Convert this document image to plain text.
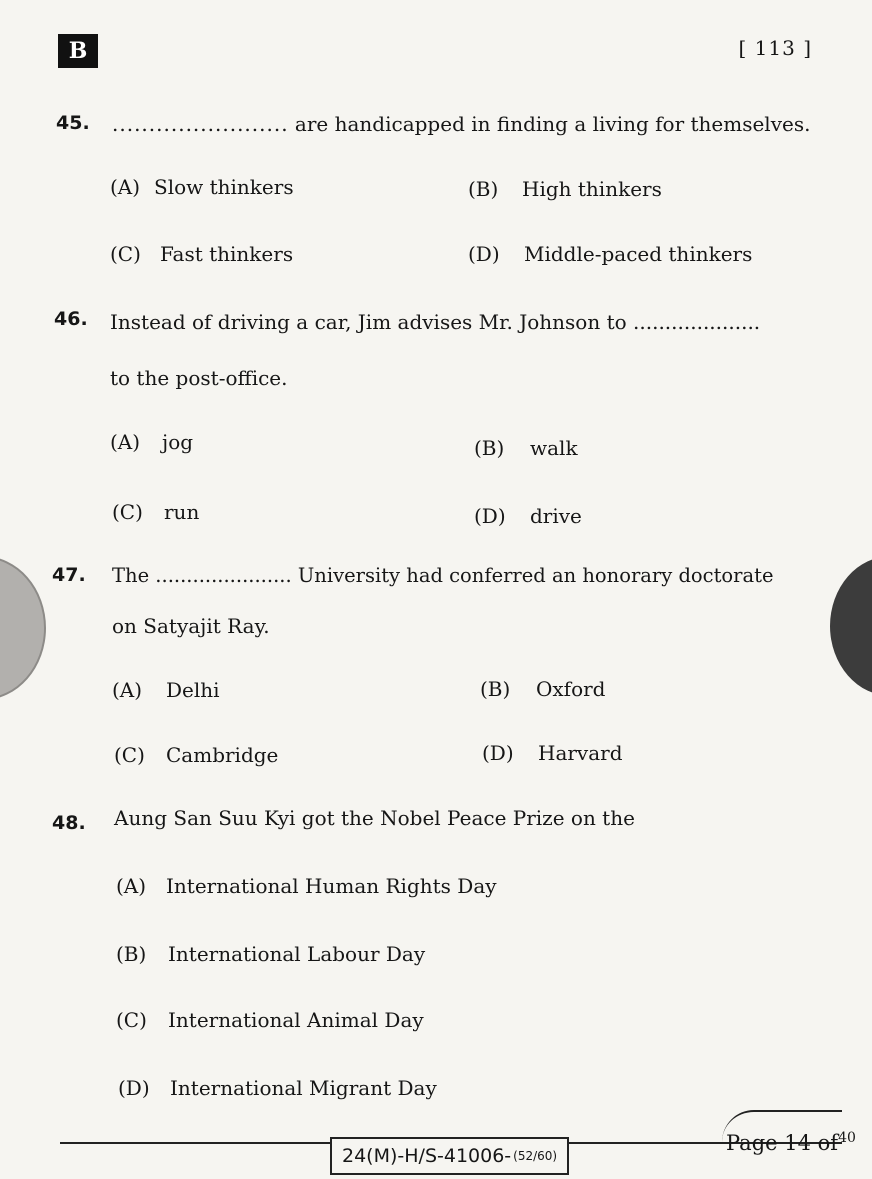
B	[ 113 ]
45. ........................ are handicapped in finding a living for themselves.
(A) Slow thinkers	(B) High thinkers
(C) Fast thinkers	(D) Middle-paced thinkers
46. Instead of driving a car, Jim advises Mr. Johnson to ....................
to the post-office.
(A) jog	(B) walk
(C) run	(D) drive
47. The ...................... University had conferred an honorary doctorate
on Satyajit Ray.
(A) Delhi	(B) Oxford
(C) Cambridge	(D) Harvard
48. Aung San Suu Kyi got the Nobel Peace Prize on the
(A) International Human Rights Day
(B) International Labour Day
(C) International Animal Day
(D) International Migrant Day
24(M)-H/S-41006- (52/60)
Page 14 $of^{40}$
